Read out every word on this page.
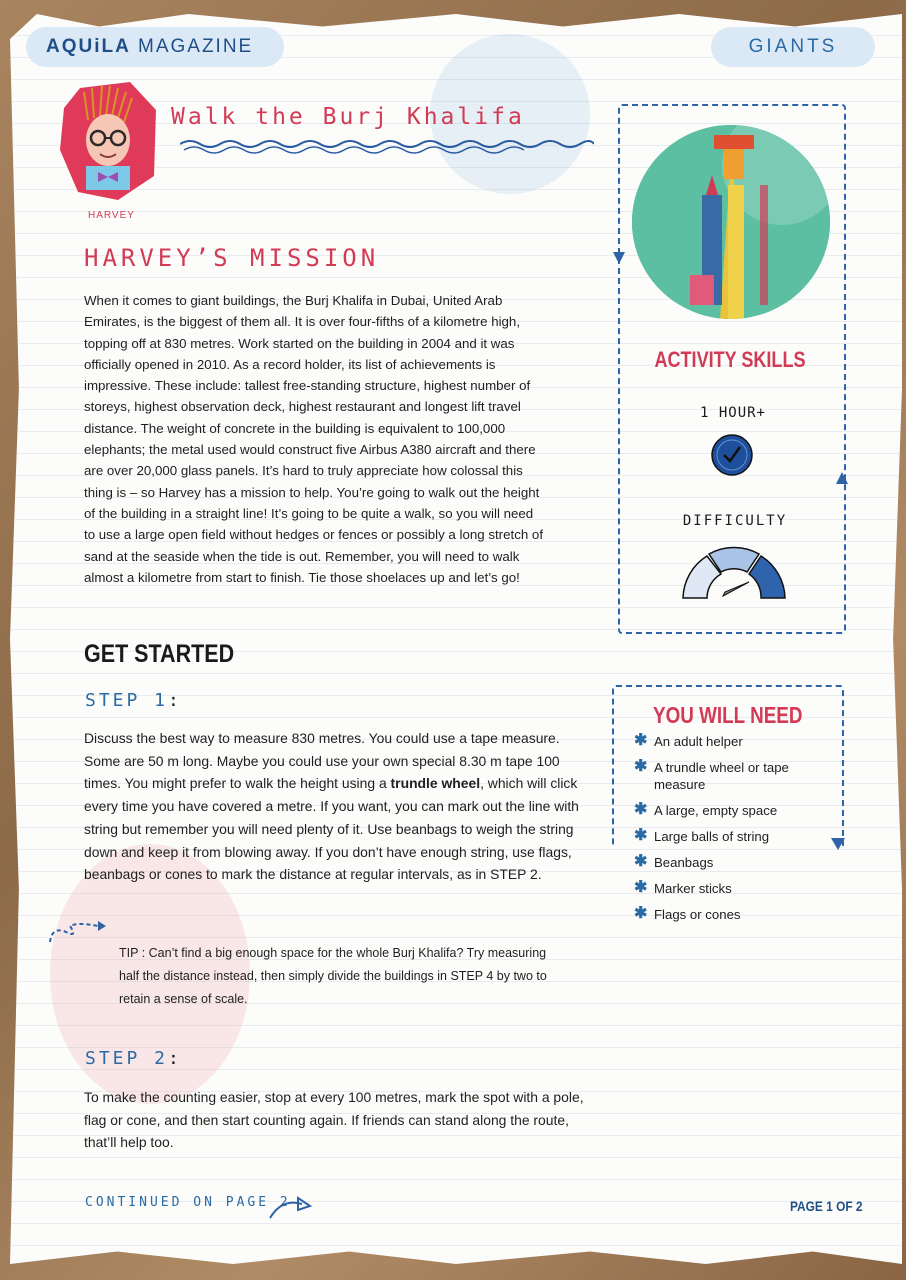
AQUiLA MAGAZINE	GIANTS
HARVEY
Walk the Burj Khalifa
HARVEY’S MISSION

When it comes to giant buildings, the Burj Khalifa in Dubai, United Arab Emirates, is the biggest of them all. It is over four-fifths of a kilometre high, topping off at 830 metres. Work started on the building in 2004 and it was officially opened in 2010. As a record holder, its list of achievements is impressive. These include: tallest free-standing structure, highest number of storeys, highest observation deck, highest restaurant and longest lift travel distance. The weight of concrete in the building is equivalent to 100,000 elephants; the metal used would construct five Airbus A380 aircraft and there are over 20,000 glass panels. It’s hard to truly appreciate how colossal this thing is – so Harvey has a mission to help. You’re going to walk out the height of the building in a straight line! It’s going to be quite a walk, so you will need to use a large open field without hedges or fences or possibly a long stretch of sand at the seaside when the tide is out. Remember, you will need to walk almost a kilometre from start to finish. Tie those shoelaces up and let’s go!

GET STARTED
STEP 1:

Discuss the best way to measure 830 metres. You could use a tape measure. Some are 50 m long. Maybe you could use your own special 8.30 m tape 100 times. You might prefer to walk the height using a trundle wheel, which will click every time you have covered a metre. If you want, you can mark out the line with string but remember you will need plenty of it. Use beanbags to weigh the string down and keep it from blowing away. If you don’t have enough string, use flags, beanbags or cones to mark the distance at regular intervals, as in STEP 2.

TIP : Can’t find a big enough space for the whole Burj Khalifa? Try measuring half the distance instead, then simply divide the buildings in STEP 4 by two to retain a sense of scale.

STEP 2:

To make the counting easier, stop at every 100 metres, mark the spot with a pole, flag or cone, and then start counting again. If friends can stand along the route, that’ll help too.

CONTINUED ON PAGE 2	PAGE 1 OF 2
ACTIVITY SKILLS
1 HOUR+
DIFFICULTY
YOU WILL NEED
✱ An adult helper
✱ A trundle wheel or tape measure
✱ A large, empty space
✱ Large balls of string
✱ Beanbags
✱ Marker sticks
✱ Flags or cones
